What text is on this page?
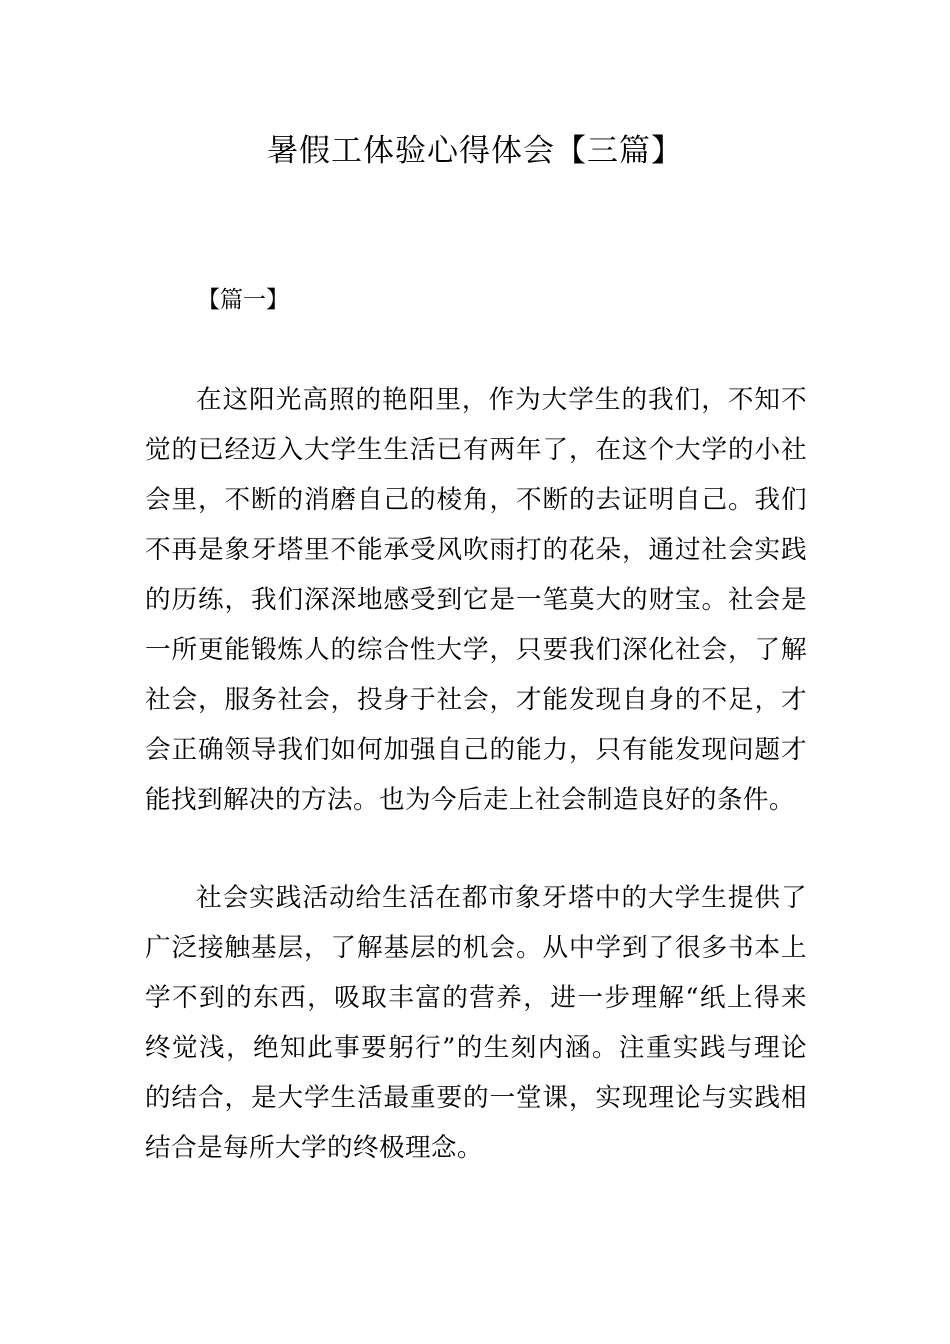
暑假工体验心得体会【三篇】
【篇一】

在这阳光高照的艳阳里，作为大学生的我们，不知不觉的已经迈入大学生生活已有两年了，在这个大学的小社会里，不断的消磨自己的棱角，不断的去证明自己。我们不再是象牙塔里不能承受风吹雨打的花朵，通过社会实践的历练，我们深深地感受到它是一笔莫大的财宝。社会是一所更能锻炼人的综合性大学，只要我们深化社会，了解社会，服务社会，投身于社会，才能发现自身的不足，才会正确领导我们如何加强自己的能力，只有能发现问题才能找到解决的方法。也为今后走上社会制造良好的条件。

社会实践活动给生活在都市象牙塔中的大学生提供了广泛接触基层，了解基层的机会。从中学到了很多书本上学不到的东西，吸取丰富的营养，进一步理解“纸上得来终觉浅，绝知此事要躬行”的生刻内涵。注重实践与理论的结合，是大学生活最重要的一堂课，实现理论与实践相结合是每所大学的终极理念。
